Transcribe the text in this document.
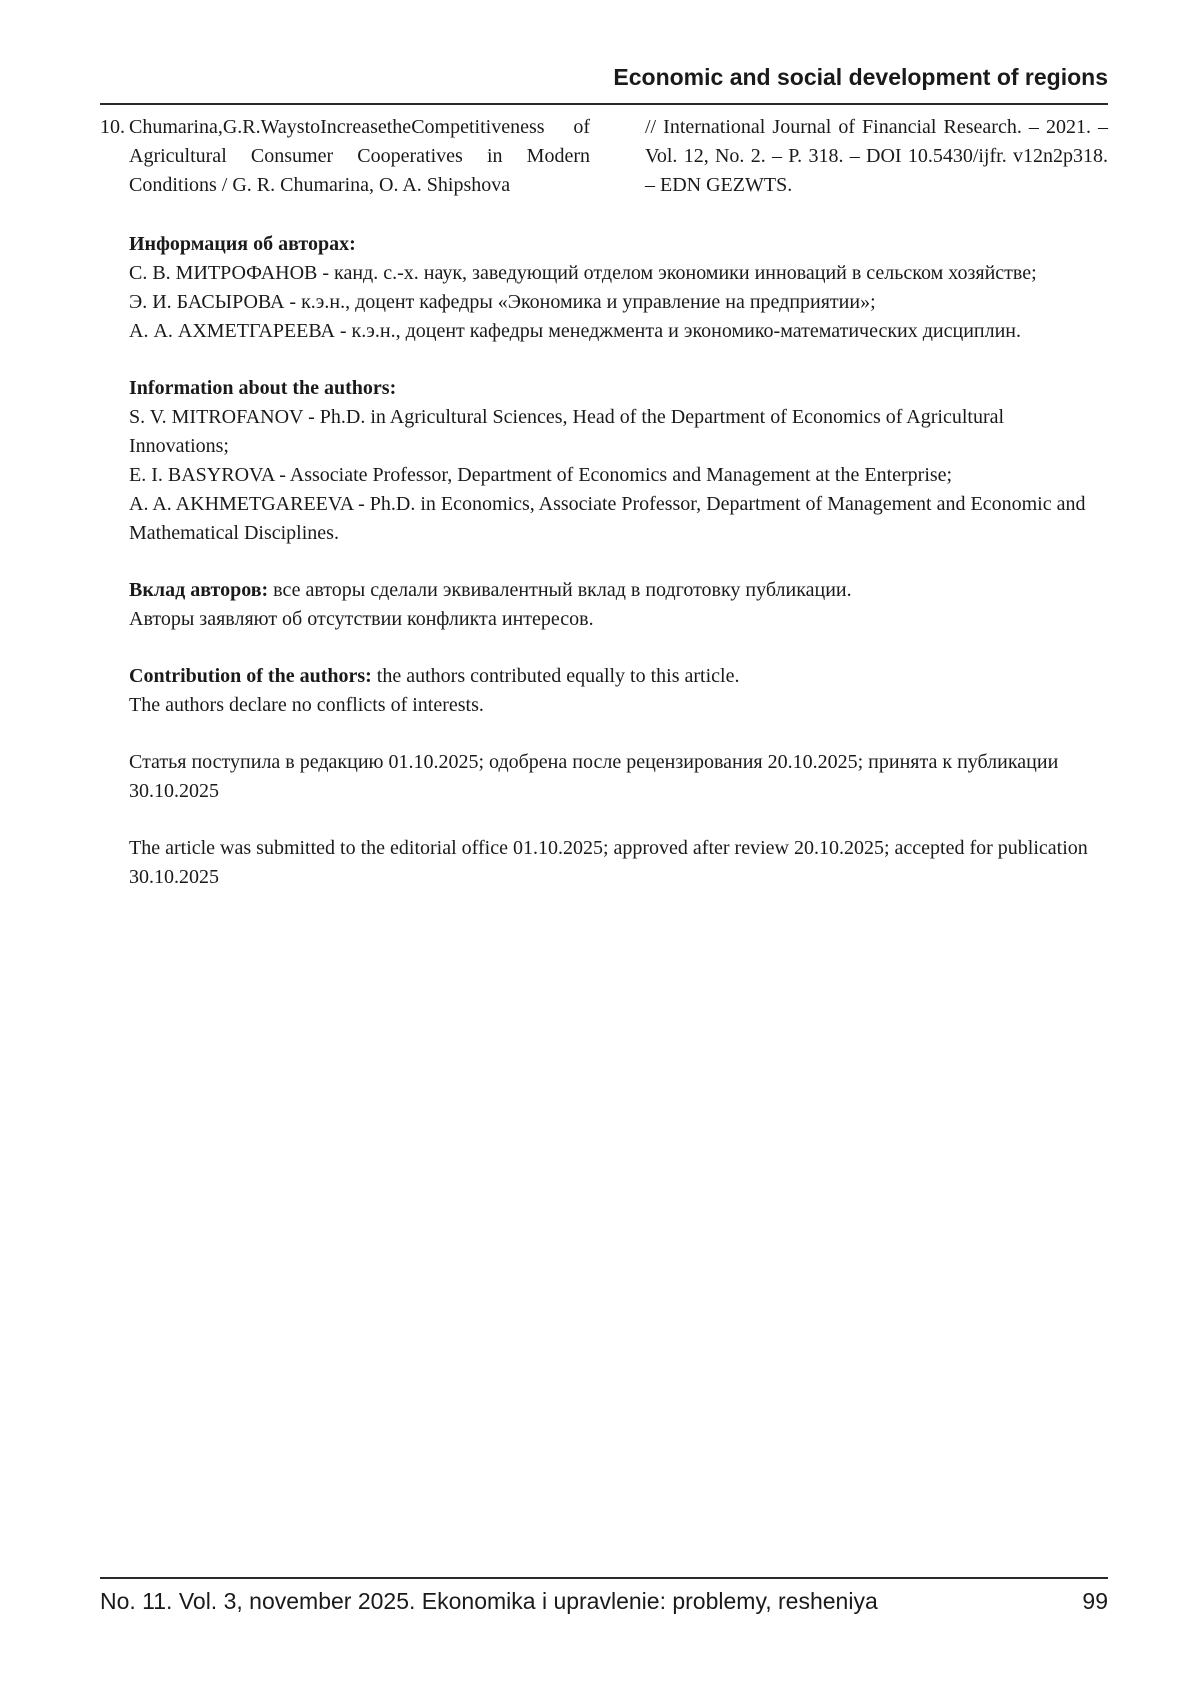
Economic and social development of regions
10. Chumarina,G.R.WaystoIncreasetheCompetitiveness of Agricultural Consumer Cooperatives in Modern Conditions / G. R. Chumarina, O. A. Shipshova
// International Journal of Financial Research. – 2021. – Vol. 12, No. 2. – P. 318. – DOI 10.5430/ijfr. v12n2p318. – EDN GEZWTS.

Информация об авторах:

С. В. МИТРОФАНОВ - канд. с.-х. наук, заведующий отделом экономики инноваций в сельском хозяйстве;

Э. И. БАСЫРОВА - к.э.н., доцент кафедры «Экономика и управление на предприятии»;

А. А. АХМЕТГАРЕЕВА - к.э.н., доцент кафедры менеджмента и экономико-математических дисциплин.

Information about the authors:

S. V. MITROFANOV - Ph.D. in Agricultural Sciences, Head of the Department of Economics of Agricultural Innovations;

E. I. BASYROVA - Associate Professor, Department of Economics and Management at the Enterprise;

A. A. AKHMETGAREEVA - Ph.D. in Economics, Associate Professor, Department of Management and Economic and Mathematical Disciplines.

Вклад авторов: все авторы сделали эквивалентный вклад в подготовку публикации.

Авторы заявляют об отсутствии конфликта интересов.

Contribution of the authors: the authors contributed equally to this article.

The authors declare no conflicts of interests.

Статья поступила в редакцию 01.10.2025; одобрена после рецензирования 20.10.2025; принята к публикации 30.10.2025

The article was submitted to the editorial office 01.10.2025; approved after review 20.10.2025; accepted for publication 30.10.2025

No. 11. Vol. 3, november 2025. Ekonomika i upravlenie: problemy, resheniya	99
